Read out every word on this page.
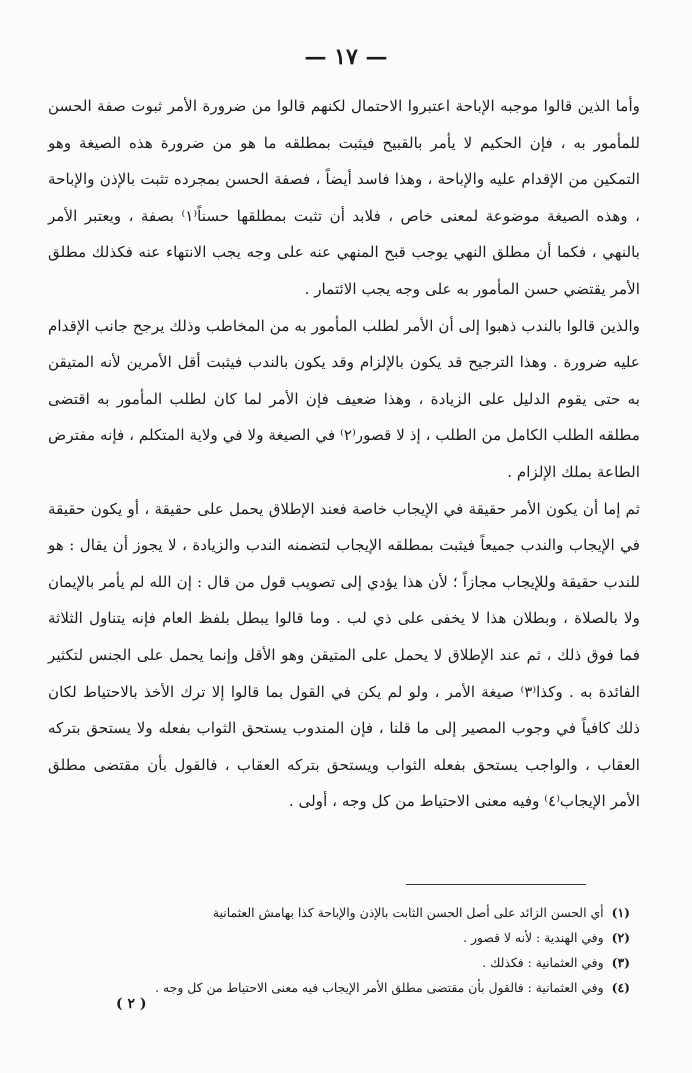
— ١٧ —

وأما الذين قالوا موجبه الإباحة اعتبروا الاحتمال لكنهم قالوا من ضرورة الأمر ثبوت صفة الحسن للمأمور به ، فإن الحكيم لا يأمر بالقبيح فيثبت بمطلقه ما هو من ضرورة هذه الصيغة وهو التمكين من الإقدام عليه والإباحة ، وهذا فاسد أيضاً ، فصفة الحسن بمجرده تثبت بالإذن والإباحة ، وهذه الصيغة موضوعة لمعنى خاص ، فلابد أن تثبت بمطلقها حسناً⁽١⁾ بصفة ، ويعتبر الأمر بالنهي ، فكما أن مطلق النهي يوجب قبح المنهي عنه على وجه يجب الانتهاء عنه فكذلك مطلق الأمر يقتضي حسن المأمور به على وجه يجب الائتمار .

والذين قالوا بالندب ذهبوا إلى أن الأمر لطلب المأمور به من المخاطب وذلك يرجح جانب الإقدام عليه ضرورة . وهذا الترجيح قد يكون بالإلزام وقد يكون بالندب فيثبت أقل الأمرين لأنه المتيقن به حتى يقوم الدليل على الزيادة ، وهذا ضعيف فإن الأمر لما كان لطلب المأمور به اقتضى مطلقه الطلب الكامل من الطلب ، إذ لا قصور⁽٢⁾ في الصيغة ولا في ولاية المتكلم ، فإنه مفترض الطاعة بملك الإلزام .

ثم إما أن يكون الأمر حقيقة في الإيجاب خاصة فعند الإطلاق يحمل على حقيقة ، أو يكون حقيقة في الإيجاب والندب جميعاً فيثبت بمطلقه الإيجاب لتضمنه الندب والزيادة ، لا يجوز أن يقال : هو للندب حقيقة وللإيجاب مجازاً ؛ لأن هذا يؤدي إلى تصويب قول من قال : إن الله لم يأمر بالإيمان ولا بالصلاة ، وبطلان هذا لا يخفى على ذي لب . وما قالوا يبطل بلفظ العام فإنه يتناول الثلاثة فما فوق ذلك ، ثم عند الإطلاق لا يحمل على المتيقن وهو الأقل وإنما يحمل على الجنس لتكثير الفائدة به . وكذا⁽٣⁾ صيغة الأمر ، ولو لم يكن في القول بما قالوا إلا ترك الأخذ بالاحتياط لكان ذلك كافياً في وجوب المصير إلى ما قلنا ، فإن المندوب يستحق الثواب بفعله ولا يستحق بتركه العقاب ، والواجب يستحق بفعله الثواب ويستحق بتركه العقاب ، فالقول بأن مقتضى مطلق الأمر الإيجاب⁽٤⁾ وفيه معنى الاحتياط من كل وجه ، أولى .

(١)أي الحسن الزائد على أصل الحسن الثابت بالإذن والإباحة كذا بهامش العثمانية
(٢)وفي الهندية : لأنه لا قصور .
(٣)وفي العثمانية : فكذلك .
(٤)وفي العثمانية : فالقول بأن مقتضى مطلق الأمر الإيجاب فيه معنى الاحتياط من كل وجه .
( ٢ )
